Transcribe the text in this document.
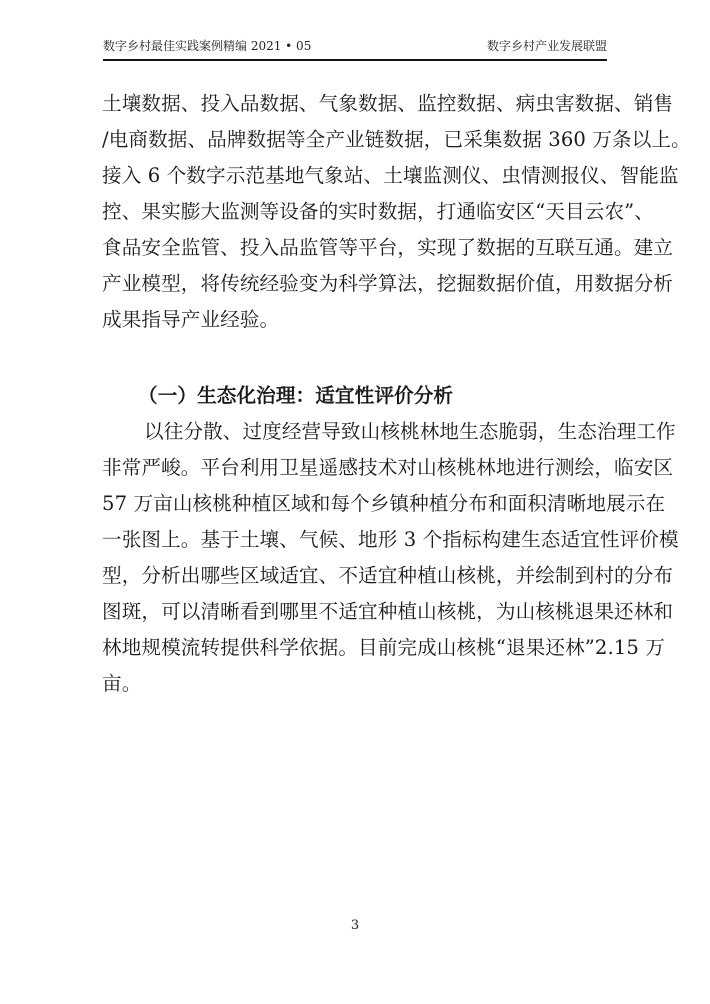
数字乡村最佳实践案例精编 2021 • 05	数字乡村产业发展联盟
土壤数据、投入品数据、气象数据、监控数据、病虫害数据、销售
/电商数据、品牌数据等全产业链数据，已采集数据 360 万条以上。
接入 6 个数字示范基地气象站、土壤监测仪、虫情测报仪、智能监
控、果实膨大监测等设备的实时数据，打通临安区“天目云农”、
食品安全监管、投入品监管等平台，实现了数据的互联互通。建立
产业模型，将传统经验变为科学算法，挖掘数据价值，用数据分析
成果指导产业经验。
（一）生态化治理：适宜性评价分析
以往分散、过度经营导致山核桃林地生态脆弱，生态治理工作
非常严峻。平台利用卫星遥感技术对山核桃林地进行测绘，临安区
57 万亩山核桃种植区域和每个乡镇种植分布和面积清晰地展示在
一张图上。基于土壤、气候、地形 3 个指标构建生态适宜性评价模
型，分析出哪些区域适宜、不适宜种植山核桃，并绘制到村的分布
图斑，可以清晰看到哪里不适宜种植山核桃，为山核桃退果还林和
林地规模流转提供科学依据。目前完成山核桃“退果还林”2.15 万
亩。
3
